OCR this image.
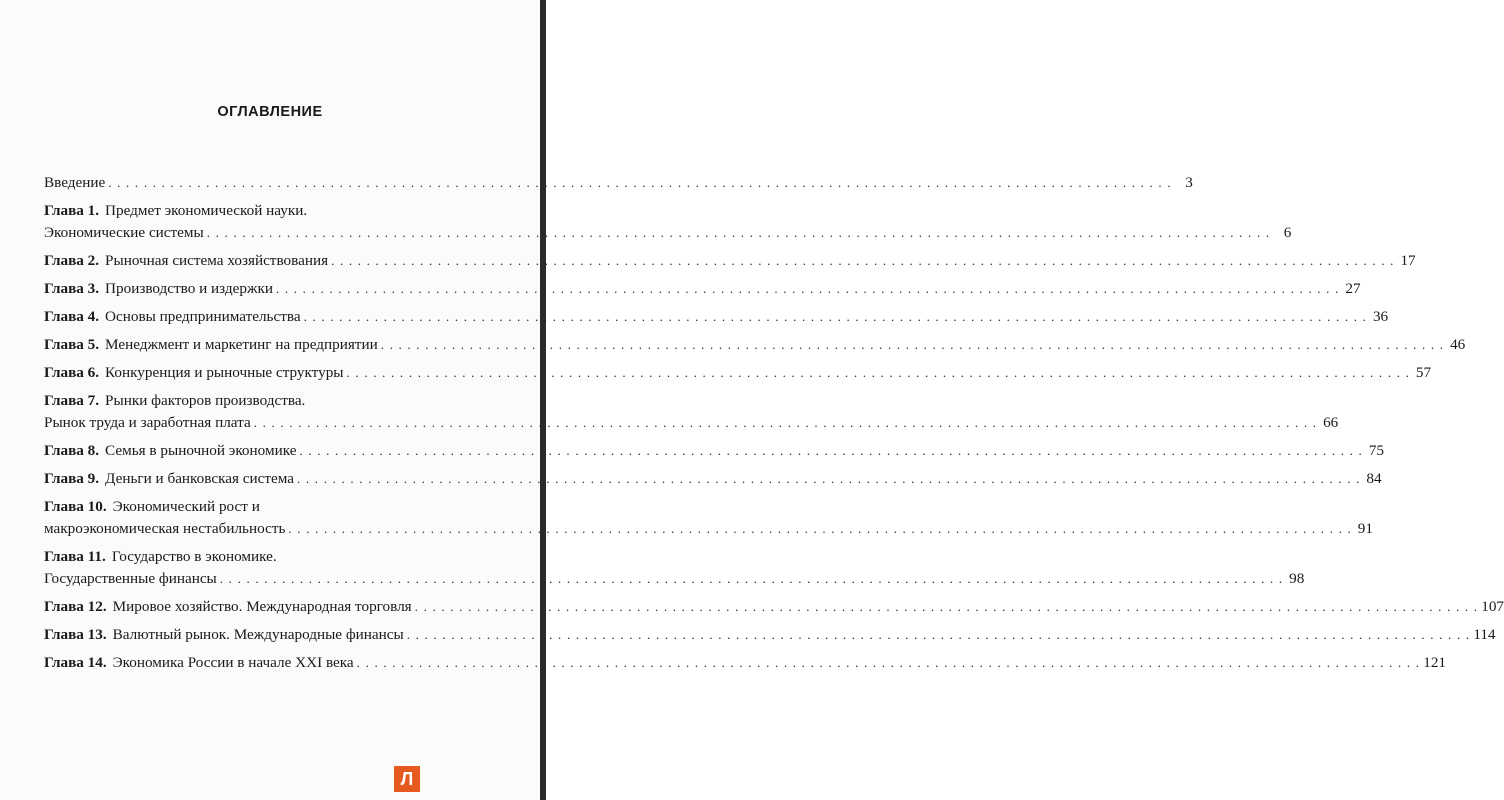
ОГЛАВЛЕНИЕ
Введение . . . . . . . . . . . . . . . . . . . . . . . . . . . . . . . . . . . . . . . . . . . . . . . . . . . . . . . . . . . . . . . . . . . . . . . . . . . . . . . . . . . . . . . . . . . . . . . . . . . . . . . . . . . . . . . . . . . . . . . . 3
Глава 1. Предмет экономической науки.
Экономические системы . . . . . . . . . . . . . . . . . . . . . . . . . . . . . . . . . . . . . . . . . . . . . . . . . . . . . . . . . . . . . . . . . . . . . . . . . . . . . . . . . . . . . . . . . . . . . . . . . . . . . . . . . . . . . . . . . . . . . . . . 6
Глава 2. Рыночная система хозяйствования . . . . . . . . . . . . . . . . . . . . . . . . . . . . . . . . . . . . . . . . . . . . . . . . . . . . . . . . . . . . . . . . . . . . . . . . . . . . . . . . . . . . . . . . . . . . . . . . . . . . . . . . . . . . . . . . . . . . . . . . 17
Глава 3. Производство и издержки . . . . . . . . . . . . . . . . . . . . . . . . . . . . . . . . . . . . . . . . . . . . . . . . . . . . . . . . . . . . . . . . . . . . . . . . . . . . . . . . . . . . . . . . . . . . . . . . . . . . . . . . . . . . . . . . . . . . . . . . 27
Глава 4. Основы предпринимательства . . . . . . . . . . . . . . . . . . . . . . . . . . . . . . . . . . . . . . . . . . . . . . . . . . . . . . . . . . . . . . . . . . . . . . . . . . . . . . . . . . . . . . . . . . . . . . . . . . . . . . . . . . . . . . . . . . . . . . . . 36
Глава 5. Менеджмент и маркетинг на предприятии . . . . . . . . . . . . . . . . . . . . . . . . . . . . . . . . . . . . . . . . . . . . . . . . . . . . . . . . . . . . . . . . . . . . . . . . . . . . . . . . . . . . . . . . . . . . . . . . . . . . . . . . . . . . . . . . . . . . . . . . 46
Глава 6. Конкуренция и рыночные структуры . . . . . . . . . . . . . . . . . . . . . . . . . . . . . . . . . . . . . . . . . . . . . . . . . . . . . . . . . . . . . . . . . . . . . . . . . . . . . . . . . . . . . . . . . . . . . . . . . . . . . . . . . . . . . . . . . . . . . . . . 57
Глава 7. Рынки факторов производства.
Рынок труда и заработная плата . . . . . . . . . . . . . . . . . . . . . . . . . . . . . . . . . . . . . . . . . . . . . . . . . . . . . . . . . . . . . . . . . . . . . . . . . . . . . . . . . . . . . . . . . . . . . . . . . . . . . . . . . . . . . . . . . . . . . . . . 66
Глава 8. Семья в рыночной экономике . . . . . . . . . . . . . . . . . . . . . . . . . . . . . . . . . . . . . . . . . . . . . . . . . . . . . . . . . . . . . . . . . . . . . . . . . . . . . . . . . . . . . . . . . . . . . . . . . . . . . . . . . . . . . . . . . . . . . . . . 75
Глава 9. Деньги и банковская система . . . . . . . . . . . . . . . . . . . . . . . . . . . . . . . . . . . . . . . . . . . . . . . . . . . . . . . . . . . . . . . . . . . . . . . . . . . . . . . . . . . . . . . . . . . . . . . . . . . . . . . . . . . . . . . . . . . . . . . . 84
Глава 10. Экономический рост и
макроэкономическая нестабильность . . . . . . . . . . . . . . . . . . . . . . . . . . . . . . . . . . . . . . . . . . . . . . . . . . . . . . . . . . . . . . . . . . . . . . . . . . . . . . . . . . . . . . . . . . . . . . . . . . . . . . . . . . . . . . . . . . . . . . . . 91
Глава 11. Государство в экономике.
Государственные финансы . . . . . . . . . . . . . . . . . . . . . . . . . . . . . . . . . . . . . . . . . . . . . . . . . . . . . . . . . . . . . . . . . . . . . . . . . . . . . . . . . . . . . . . . . . . . . . . . . . . . . . . . . . . . . . . . . . . . . . . . 98
Глава 12. Мировое хозяйство. Международная торговля . . . . . . . . . . . . . . . . . . . . . . . . . . . . . . . . . . . . . . . . . . . . . . . . . . . . . . . . . . . . . . . . . . . . . . . . . . . . . . . . . . . . . . . . . . . . . . . . . . . . . . . . . . . . . . . . . . . . . . . . 107
Глава 13. Валютный рынок. Международные финансы . . . . . . . . . . . . . . . . . . . . . . . . . . . . . . . . . . . . . . . . . . . . . . . . . . . . . . . . . . . . . . . . . . . . . . . . . . . . . . . . . . . . . . . . . . . . . . . . . . . . . . . . . . . . . . . . . . . . . . . . 114
Глава 14. Экономика России в начале XXI века . . . . . . . . . . . . . . . . . . . . . . . . . . . . . . . . . . . . . . . . . . . . . . . . . . . . . . . . . . . . . . . . . . . . . . . . . . . . . . . . . . . . . . . . . . . . . . . . . . . . . . . . . . . . . . . . . . . . . . . . 121
Л
